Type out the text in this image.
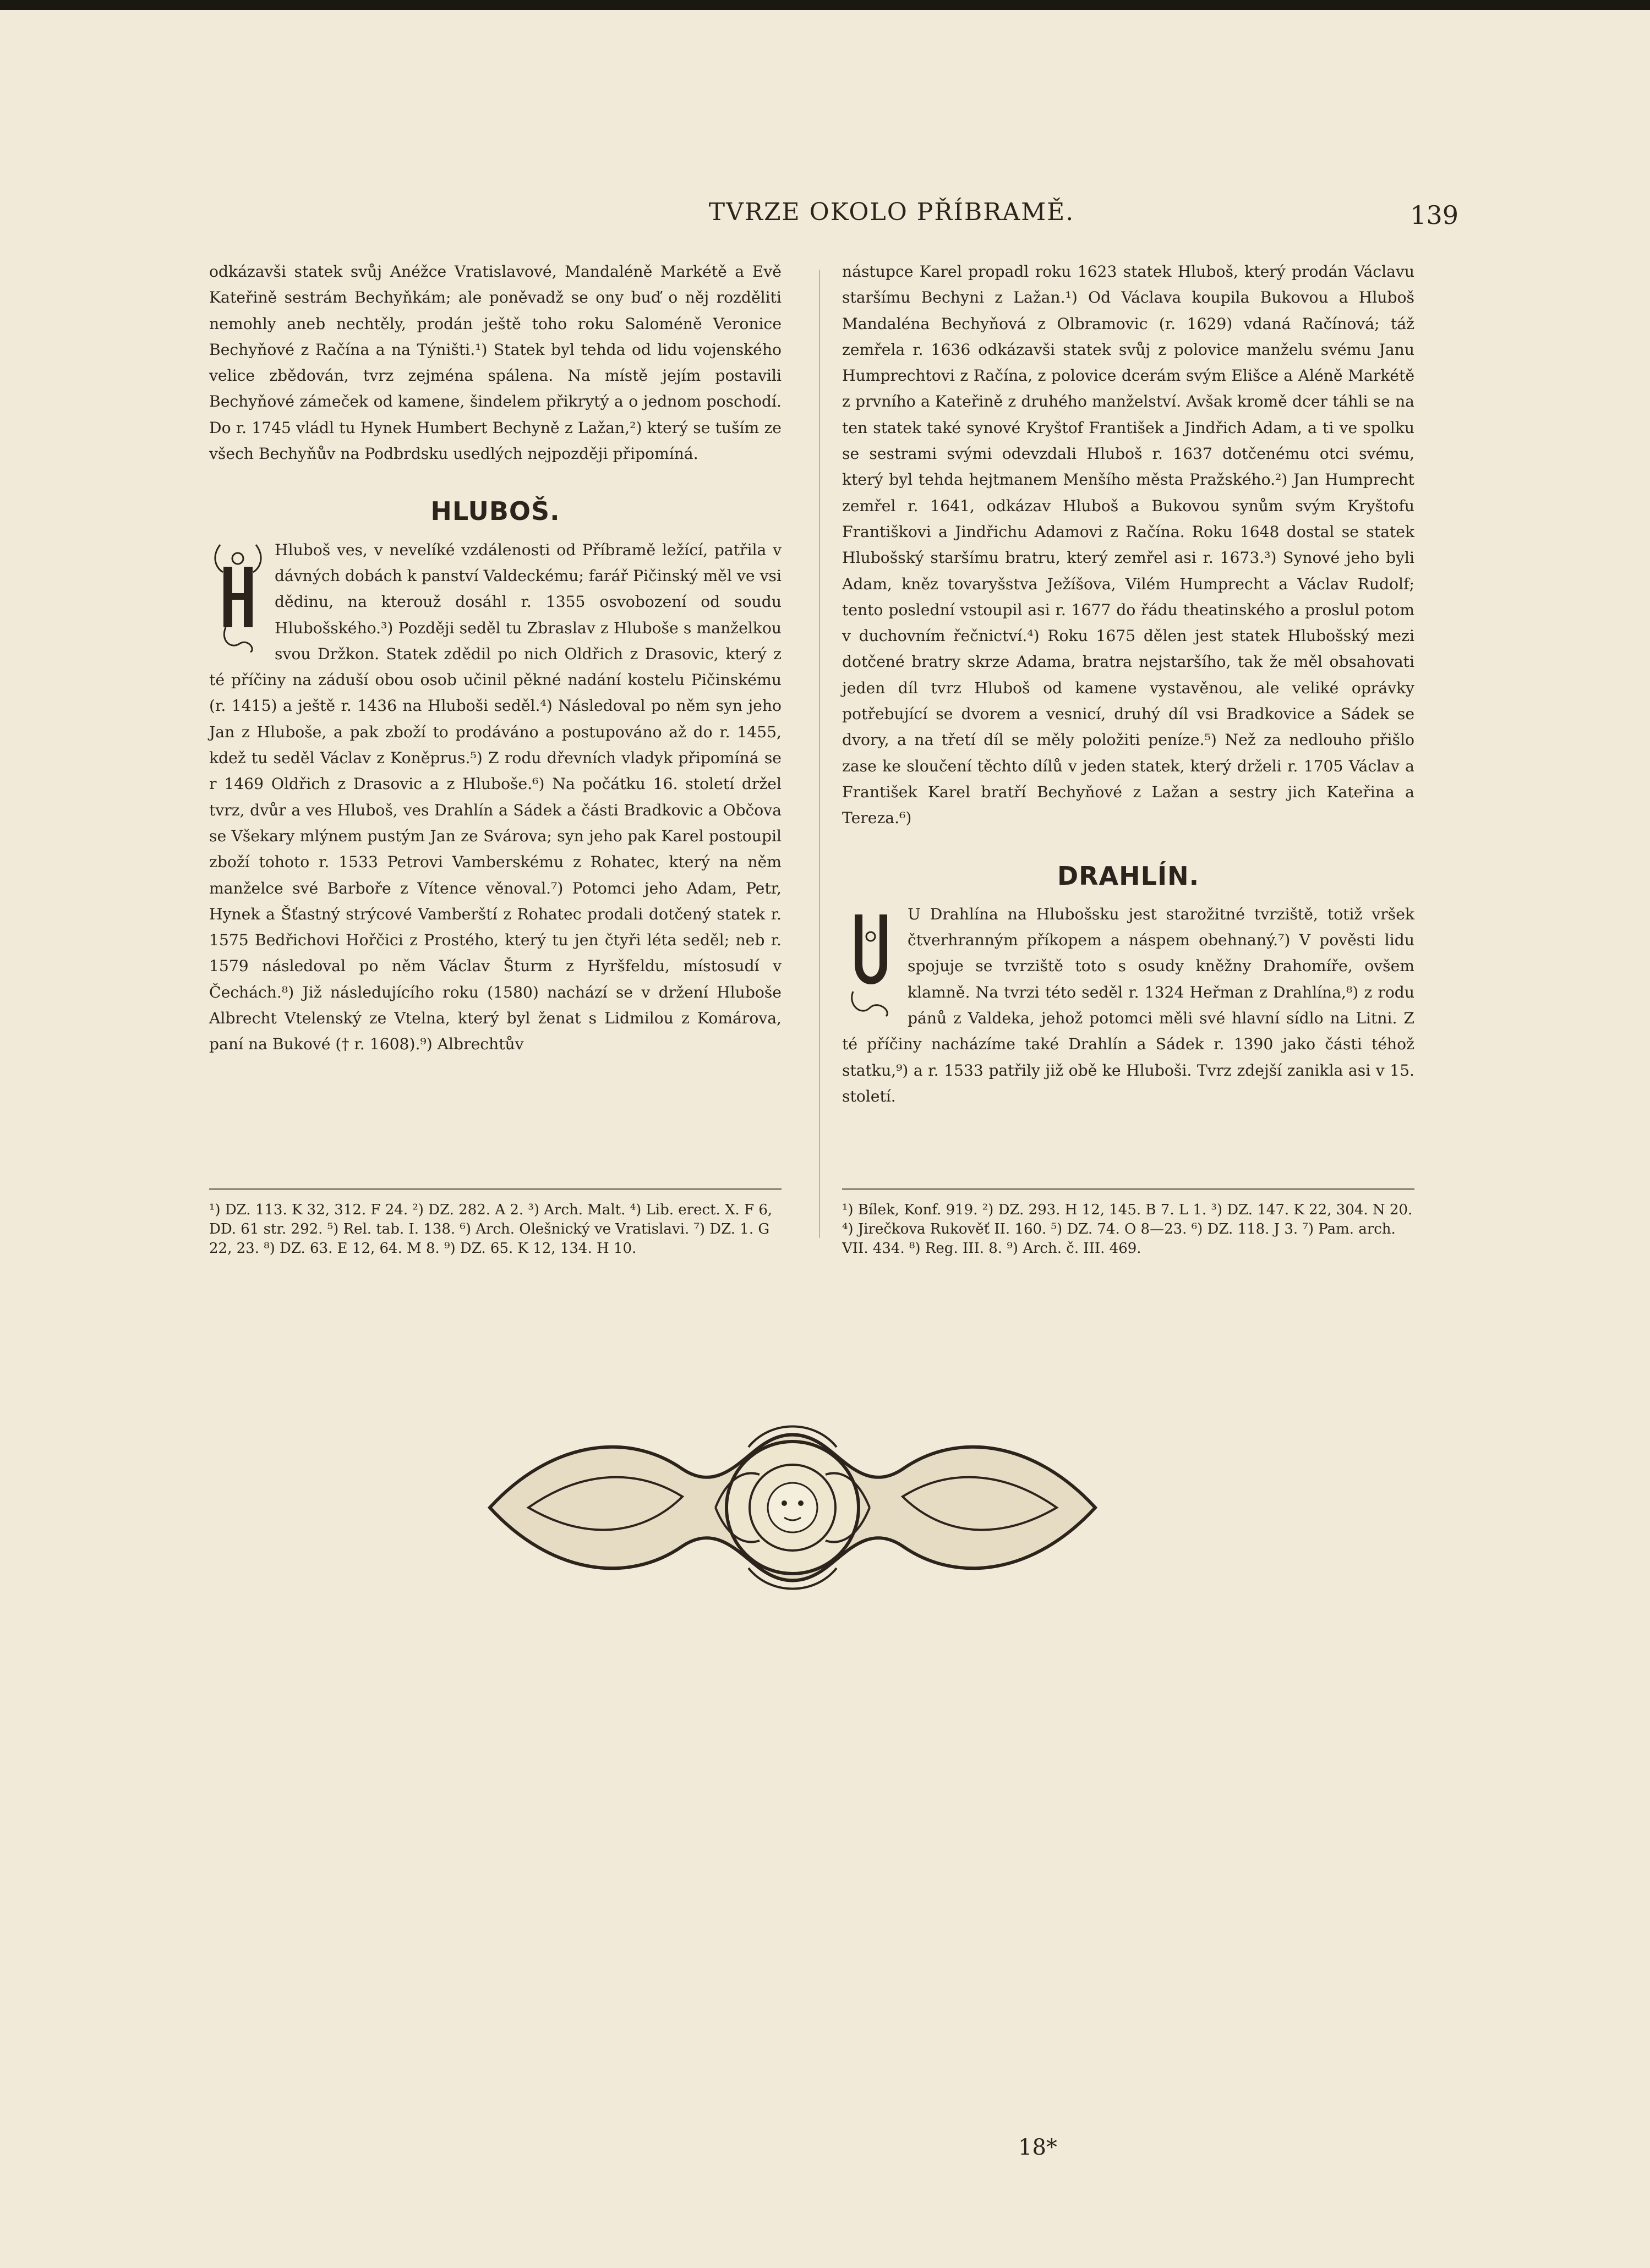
TVRZE OKOLO PŘÍBRAMĚ.	139

odkázavši statek svůj Anéžce Vratislavové, Mandaléně Markétě a Evě Kateřině sestrám Bechyňkám; ale poněvadž se ony buď o něj rozděliti nemohly aneb nechtěly, prodán ještě toho roku Saloméně Veronice Bechyňové z Račína a na Týništi.¹) Statek byl tehda od lidu vojenského velice zbědován, tvrz zejména spálena. Na místě jejím postavili Bechyňové zámeček od kamene, šindelem přikrytý a o jednom poschodí. Do r. 1745 vládl tu Hynek Humbert Bechyně z Lažan,²) který se tuším ze všech Bechyňův na Podbrdsku usedlých nejpozději připomíná.

HLUBOŠ.

Hluboš ves, v nevelíké vzdálenosti od Příbramě ležící, patřila v dávných dobách k panství Valdeckému; farář Pičinský měl ve vsi dědinu, na kterouž dosáhl r. 1355 osvobození od soudu Hlubošského.³) Později seděl tu Zbraslav z Hluboše s manželkou svou Držkon. Statek zdědil po nich Oldřich z Drasovic, který z té příčiny na záduší obou osob učinil pěkné nadání kostelu Pičinskému (r. 1415) a ještě r. 1436 na Hluboši seděl.⁴) Následoval po něm syn jeho Jan z Hluboše, a pak zboží to prodáváno a postupováno až do r. 1455, kdež tu seděl Václav z Koněprus.⁵) Z rodu dřevních vladyk připomíná se r 1469 Oldřich z Drasovic a z Hluboše.⁶) Na počátku 16. století držel tvrz, dvůr a ves Hluboš, ves Drahlín a Sádek a části Bradkovic a Občova se Všekary mlýnem pustým Jan ze Svárova; syn jeho pak Karel postoupil zboží tohoto r. 1533 Petrovi Vamberskému z Rohatec, který na něm manželce své Barboře z Vítence věnoval.⁷) Potomci jeho Adam, Petr, Hynek a Šťastný strýcové Vamberští z Rohatec prodali dotčený statek r. 1575 Bedřichovi Hořčici z Prostého, který tu jen čtyři léta seděl; neb r. 1579 následoval po něm Václav Šturm z Hyršfeldu, místosudí v Čechách.⁸) Již následujícího roku (1580) nachází se v držení Hluboše Albrecht Vtelenský ze Vtelna, který byl ženat s Lidmilou z Komárova, paní na Bukové († r. 1608).⁹) Albrechtův

nástupce Karel propadl roku 1623 statek Hluboš, který prodán Václavu staršímu Bechyni z Lažan.¹) Od Václava koupila Bukovou a Hluboš Mandaléna Bechyňová z Olbramovic (r. 1629) vdaná Račínová; táž zemřela r. 1636 odkázavši statek svůj z polovice manželu svému Janu Humprechtovi z Račína, z polovice dcerám svým Elišce a Aléně Markétě z prvního a Kateřině z druhého manželství. Avšak kromě dcer táhli se na ten statek také synové Kryštof František a Jindřich Adam, a ti ve spolku se sestrami svými odevzdali Hluboš r. 1637 dotčenému otci svému, který byl tehda hejtmanem Menšího města Pražského.²) Jan Humprecht zemřel r. 1641, odkázav Hluboš a Bukovou synům svým Kryštofu Františkovi a Jindřichu Adamovi z Račína. Roku 1648 dostal se statek Hlubošský staršímu bratru, který zemřel asi r. 1673.³) Synové jeho byli Adam, kněz tovaryšstva Ježíšova, Vilém Humprecht a Václav Rudolf; tento poslední vstoupil asi r. 1677 do řádu theatinského a proslul potom v duchovním řečnictví.⁴) Roku 1675 dělen jest statek Hlubošský mezi dotčené bratry skrze Adama, bratra nejstaršího, tak že měl obsahovati jeden díl tvrz Hluboš od kamene vystavěnou, ale veliké oprávky potřebující se dvorem a vesnicí, druhý díl vsi Bradkovice a Sádek se dvory, a na třetí díl se měly položiti peníze.⁵) Než za nedlouho přišlo zase ke sloučení těchto dílů v jeden statek, který drželi r. 1705 Václav a František Karel bratří Bechyňové z Lažan a sestry jich Kateřina a Tereza.⁶)

DRAHLÍN.

U Drahlína na Hlubošsku jest starožitné tvrziště, totiž vršek čtverhranným příkopem a náspem obehnaný.⁷) V pověsti lidu spojuje se tvrziště toto s osudy kněžny Drahomíře, ovšem klamně. Na tvrzi této seděl r. 1324 Heřman z Drahlína,⁸) z rodu pánů z Valdeka, jehož potomci měli své hlavní sídlo na Litni. Z té příčiny nacházíme také Drahlín a Sádek r. 1390 jako části téhož statku,⁹) a r. 1533 patřily již obě ke Hluboši. Tvrz zdejší zanikla asi v 15. století.

¹) DZ. 113. K 32, 312. F 24. ²) DZ. 282. A 2. ³) Arch. Malt. ⁴) Lib. erect. X. F 6, DD. 61 str. 292. ⁵) Rel. tab. I. 138. ⁶) Arch. Olešnický ve Vratislavi. ⁷) DZ. 1. G 22, 23. ⁸) DZ. 63. E 12, 64. M 8. ⁹) DZ. 65. K 12, 134. H 10.
¹) Bílek, Konf. 919. ²) DZ. 293. H 12, 145. B 7. L 1. ³) DZ. 147. K 22, 304. N 20. ⁴) Jirečkova Rukověť II. 160. ⁵) DZ. 74. O 8—23. ⁶) DZ. 118. J 3. ⁷) Pam. arch. VII. 434. ⁸) Reg. III. 8. ⁹) Arch. č. III. 469.
18*
